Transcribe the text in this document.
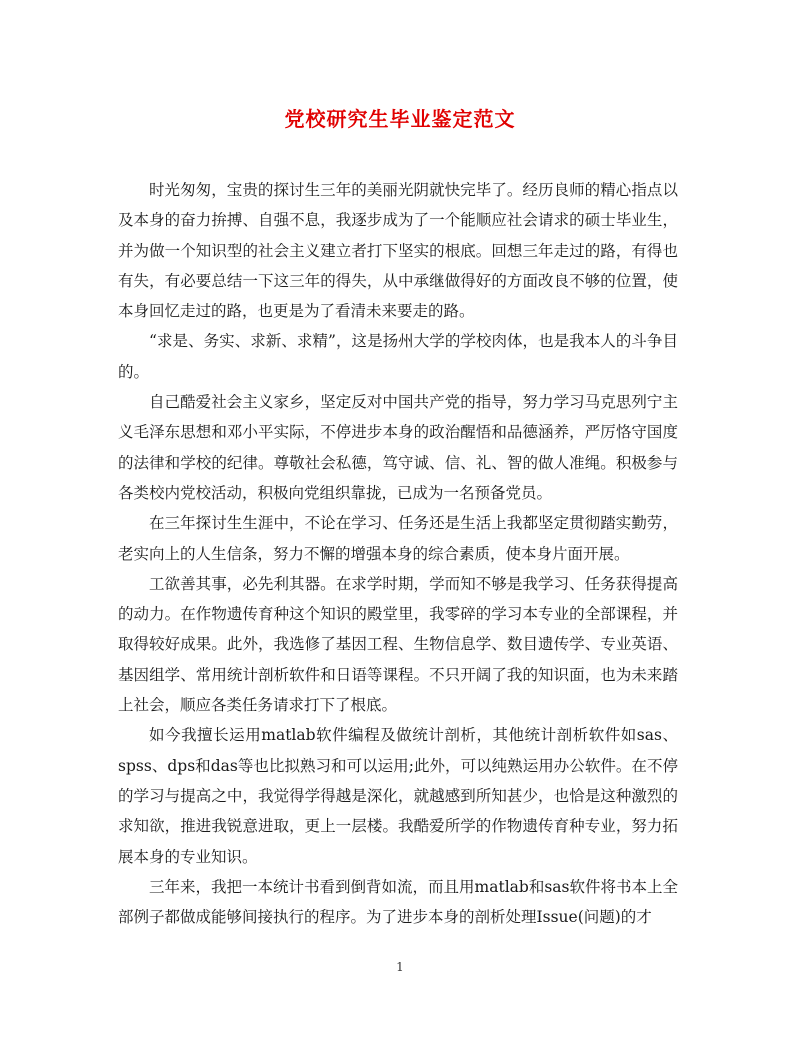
党校研究生毕业鉴定范文

时光匆匆，宝贵的探讨生三年的美丽光阴就快完毕了。经历良师的精心指点以及本身的奋力拚搏、自强不息，我逐步成为了一个能顺应社会请求的硕士毕业生，并为做一个知识型的社会主义建立者打下坚实的根底。回想三年走过的路，有得也有失，有必要总结一下这三年的得失，从中承继做得好的方面改良不够的位置，使本身回忆走过的路，也更是为了看清未来要走的路。

“求是、务实、求新、求精”，这是扬州大学的学校肉体，也是我本人的斗争目的。

自己酷爱社会主义家乡，坚定反对中国共产党的指导，努力学习马克思列宁主义毛泽东思想和邓小平实际，不停进步本身的政治醒悟和品德涵养，严厉恪守国度的法律和学校的纪律。尊敬社会私德，笃守诚、信、礼、智的做人准绳。积极参与各类校内党校活动，积极向党组织靠拢，已成为一名预备党员。

在三年探讨生生涯中，不论在学习、任务还是生活上我都坚定贯彻踏实勤劳，老实向上的人生信条，努力不懈的增强本身的综合素质，使本身片面开展。

工欲善其事，必先利其器。在求学时期，学而知不够是我学习、任务获得提高的动力。在作物遗传育种这个知识的殿堂里，我零碎的学习本专业的全部课程，并取得较好成果。此外，我选修了基因工程、生物信息学、数目遗传学、专业英语、基因组学、常用统计剖析软件和日语等课程。不只开阔了我的知识面，也为未来踏上社会，顺应各类任务请求打下了根底。

如今我擅长运用matlab软件编程及做统计剖析，其他统计剖析软件如sas、spss、dps和das等也比拟熟习和可以运用;此外，可以纯熟运用办公软件。在不停的学习与提高之中，我觉得学得越是深化，就越感到所知甚少，也恰是这种激烈的求知欲，推进我锐意进取，更上一层楼。我酷爱所学的作物遗传育种专业，努力拓展本身的专业知识。

三年来，我把一本统计书看到倒背如流，而且用matlab和sas软件将书本上全部例子都做成能够间接执行的程序。为了进步本身的剖析处理Issue(问题)的才

1
